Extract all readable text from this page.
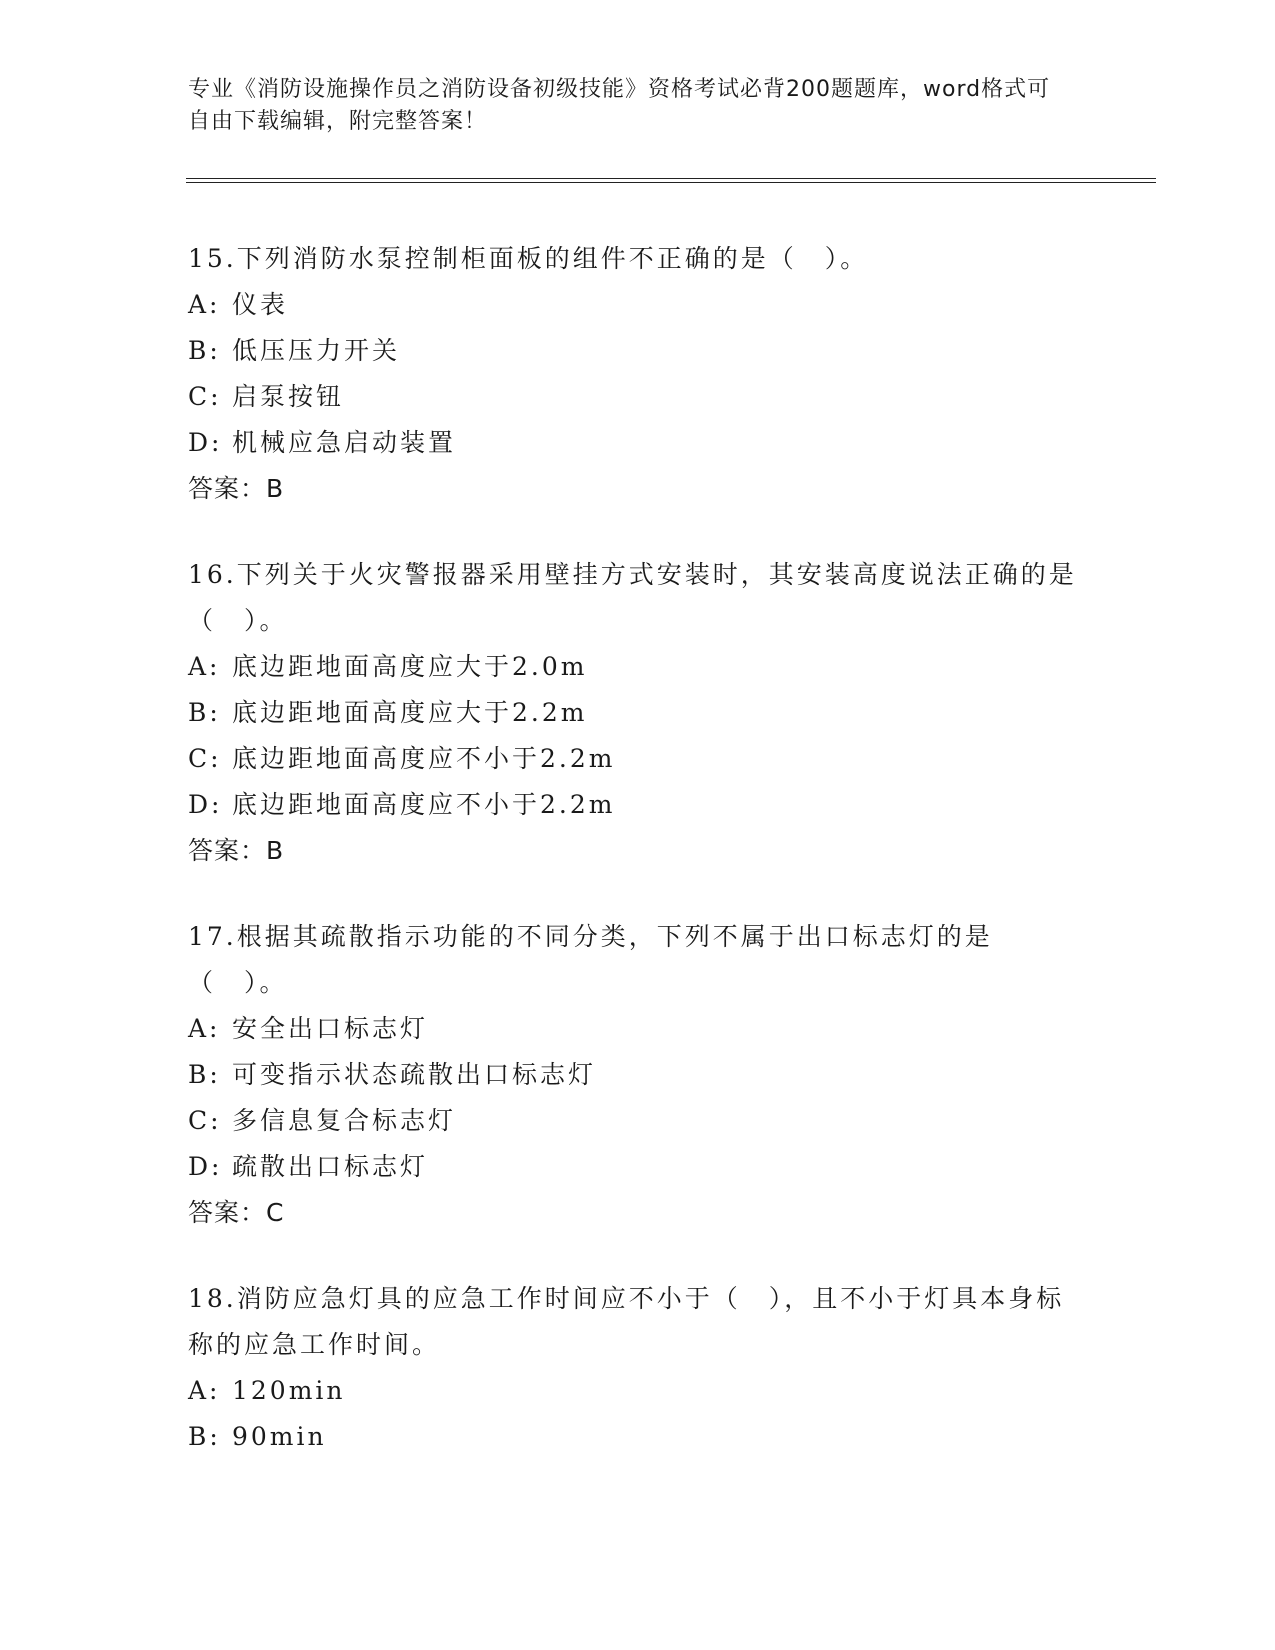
专业《消防设施操作员之消防设备初级技能》资格考试必背200题题库，word格式可自由下载编辑，附完整答案！

15.下列消防水泵控制柜面板的组件不正确的是（　）。

A: 仪表
B: 低压压力开关
C: 启泵按钮
D: 机械应急启动装置
答案：B

16.下列关于火灾警报器采用壁挂方式安装时，其安装高度说法正确的是（　）。

A: 底边距地面高度应大于2.0m
B: 底边距地面高度应大于2.2m
C: 底边距地面高度应不小于2.2m
D: 底边距地面高度应不小于2.2m
答案：B

17.根据其疏散指示功能的不同分类，下列不属于出口标志灯的是（　）。

A: 安全出口标志灯
B: 可变指示状态疏散出口标志灯
C: 多信息复合标志灯
D: 疏散出口标志灯
答案：C

18.消防应急灯具的应急工作时间应不小于（　），且不小于灯具本身标称的应急工作时间。

A: 120min
B: 90min
